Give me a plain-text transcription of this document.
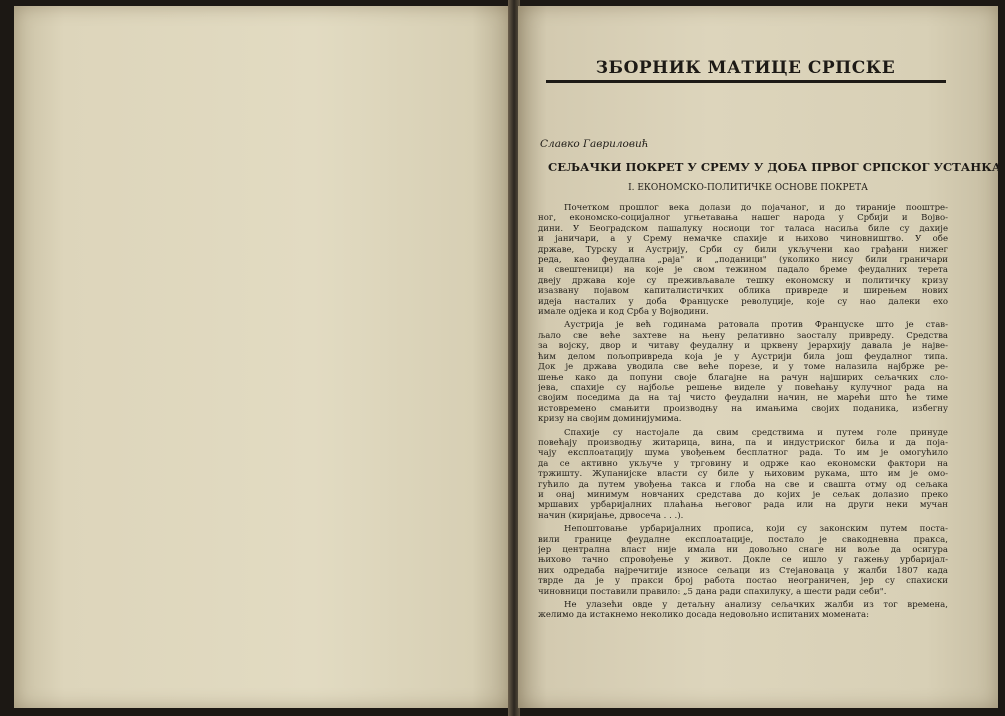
ЗБОРНИК МАТИЦЕ СРПСКЕ
Славко Гавриловић
СЕЉАЧКИ ПОКРЕТ У СРЕМУ У ДОБА ПРВОГ СРПСКОГ УСТАНКА
I. ЕКОНОМСКО-ПОЛИТИЧКЕ ОСНОВЕ ПОКРЕТА
Почетком прошлог века долази до појачаног, и до тираније пооштре-
ног, економско-социјалног угњетавања нашег народа у Србији и Војво-
дини. У Београдском пашалуку носиоци тог таласа насиља биле су дахије
и јаничари, а у Срему немачке спахије и њихово чиновништво. У обе
државе, Турску и Аустрију, Срби су били укључени као грађани нижег
реда, као феудална „раја" и „поданици" (уколико нису били граничари
и свештеници) на које је свом тежином падало бреме феудалних терета
двеју држава које су преживљавале тешку економску и политичку кризу
изазвану појавом капиталистичких облика привреде и ширењем нових
идеја насталих у доба Француске револуције, које су нао далеки ехо
имале одјека и код Срба у Војводини.
Аустрија је већ годинама ратовала против Француске што је став-
љало све веће захтеве на њену релативно заосталу привреду. Средства
за војску, двор и читаву феудалну и црквену јерархију давала је највe-
ћим делом пољопривреда која је у Аустрији била још феудалног типа.
Док је држава уводила све веће порезе, и у томе налазила најбрже ре-
шење како да попуни своје благајне на рачун најширих сељачких сло-
јева, спахије су најбоље решење виделе у повећању кулучног рада на
својим поседима да на тај чисто феудални начин, не марећи што ће тиме
истовремено смањити производњу на имањима својих поданика, избегну
кризу на својим доминијумима.
Спахије су настојале да свим средствима и путем голе принуде
повећају производњу житарица, вина, па и индустриског биља и да поја-
чају експлоатацију шума увођењем бесплатног рада. То им је омогућило
да се активно укључе у трговину и одрже као економски фактори на
тржишту. Жупанијске власти су биле у њиховим рукама, што им је омо-
гућило да путем увођења такса и глоба на све и свашта отму од сељака
и онај минимум новчаних средстава до којих је сељак долазио преко
мршавих урбаријалних плаћања његовог рада или на други неки мучан
начин (кириjање, дрвосеча . . .).
Непоштовање урбаријалних прописа, који су законским путем поста-
вили границе феудалне експлоатације, постало је свакодневна пракса,
јер централна власт није имала ни довољно снаге ни воље да осигура
њихово тачно спровођење у живот. Докле се ишло у гажењу урбаријал-
них одредаба најречитије износе сељаци из Стејановаца у жалби 1807 када
тврде да је у пракси број работа постао неограничен, јер су спахиски
чиновници поставили правило: „5 дана ради спахилуку, а шести ради себи".
Не улазећи овде у детаљну анализу сељачких жалби из тог времена,
желимо да истакнемо неколико досада недовољно испитаних момената:
